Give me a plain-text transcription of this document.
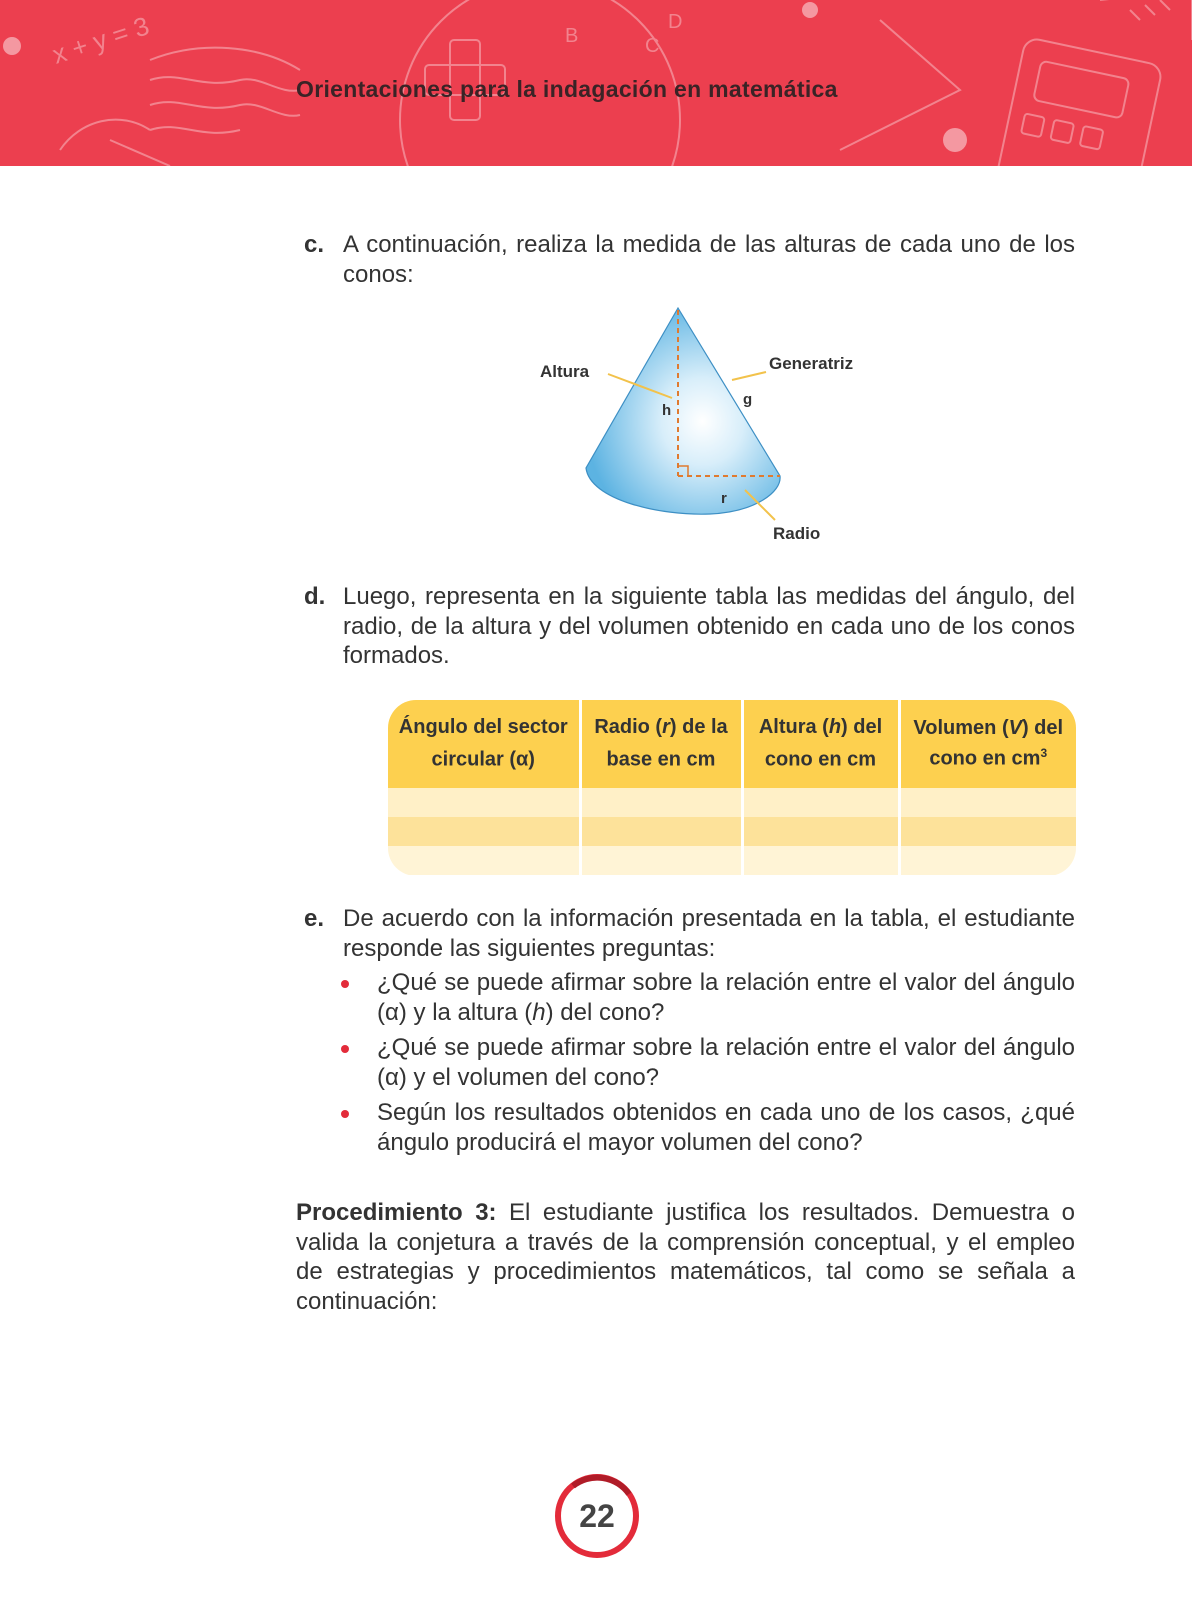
x + y = 3	B
D
C
Orientaciones para la indagación en matemática
c. A continuación, realiza la medida de las alturas de cada uno de los conos:
Altura	Generatriz
Radio
h
g
r
d. Luego, representa en la siguiente tabla las medidas del ángulo, del radio, de la altura y del volumen obtenido en cada uno de los conos formados.
Ángulo del sector circular (α)	Radio (r) de la base en cm	Altura (h) del cono en cm	Volumen (V) del cono en $cm^3$

e. De acuerdo con la información presentada en la tabla, el estudiante responde las siguientes preguntas:
¿Qué se puede afirmar sobre la relación entre el valor del ángulo (α) y la altura (h) del cono?
¿Qué se puede afirmar sobre la relación entre el valor del ángulo (α) y el volumen del cono?
Según los resultados obtenidos en cada uno de los casos, ¿qué ángulo producirá el mayor volumen del cono?
Procedimiento 3: El estudiante justifica los resultados. Demuestra o valida la conjetura a través de la comprensión conceptual, y el empleo de estrategias y procedimientos matemáticos, tal como se señala a continuación:
22
